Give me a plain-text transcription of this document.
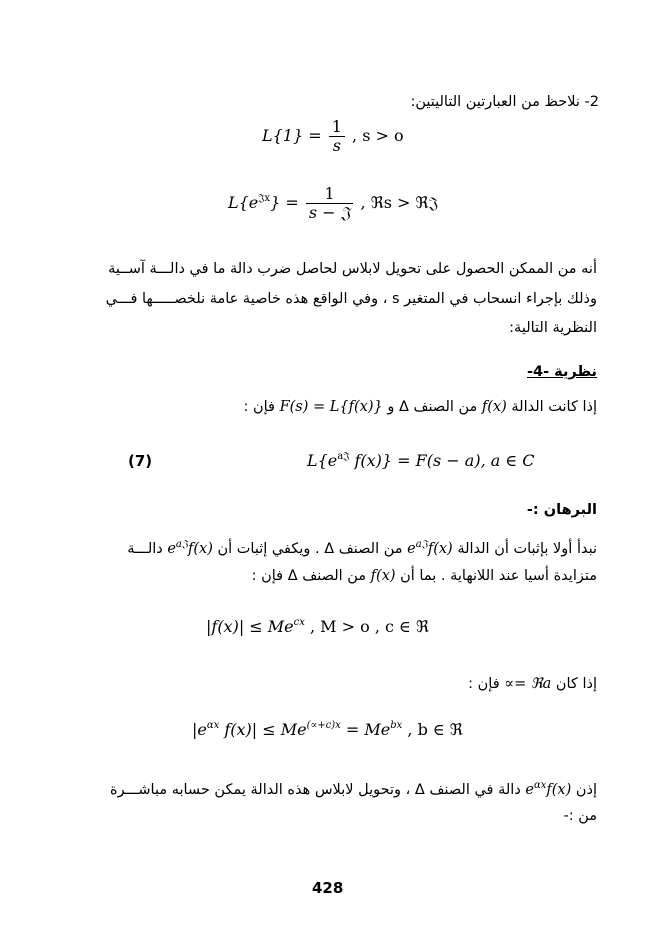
2- نلاحظ من العبارتين التاليتين:
$L\{1\} = \frac{1}{s}$ , s > o
$L\{e^{𝔍x}\} = \frac{1}{\text{s − 𝔍}}$ , ℜs > ℜ𝔍
أنه من الممكن الحصول على تحويل لابلاس لحاصل ضرب دالة ما في دالـــة آســية
وذلك بإجراء انسحاب في المتغير s ، وفي الواقع هذه خاصية عامة نلخصـــــها فـــي
النظرية التالية:
نظرية -4-
إذا كانت الدالة f(x) من الصنف Δ و F(s) = L{f(x)} فإن :
(7)	$L\{e^{a𝔍}$ f(x)} = F(s − a), a ∈ C
البرهان :-
نبدأ أولا بإثبات أن الدالة $e^{a𝔍}f(x)$ من الصنف Δ . ويكفي إثبات أن $e^{a𝔍}f(x)$ دالـــة
متزايدة أسيا عند اللانهاية . بما أن f(x) من الصنف Δ فإن :
$|f(x)| \le Me^{cx}$ , M > o , c ∈ ℜ
إذا كان ∝= ℜa فإن :
$|e^{\alpha x}$ $f(x)| \le Me^{(\propto+c)x} = Me^{bx}$ , b ∈ ℜ
إذن $e^{\alpha x}f(x)$ دالة في الصنف Δ ، وتحويل لابلاس هذه الدالة يمكن حسابه مباشـــرة
من :-
428
